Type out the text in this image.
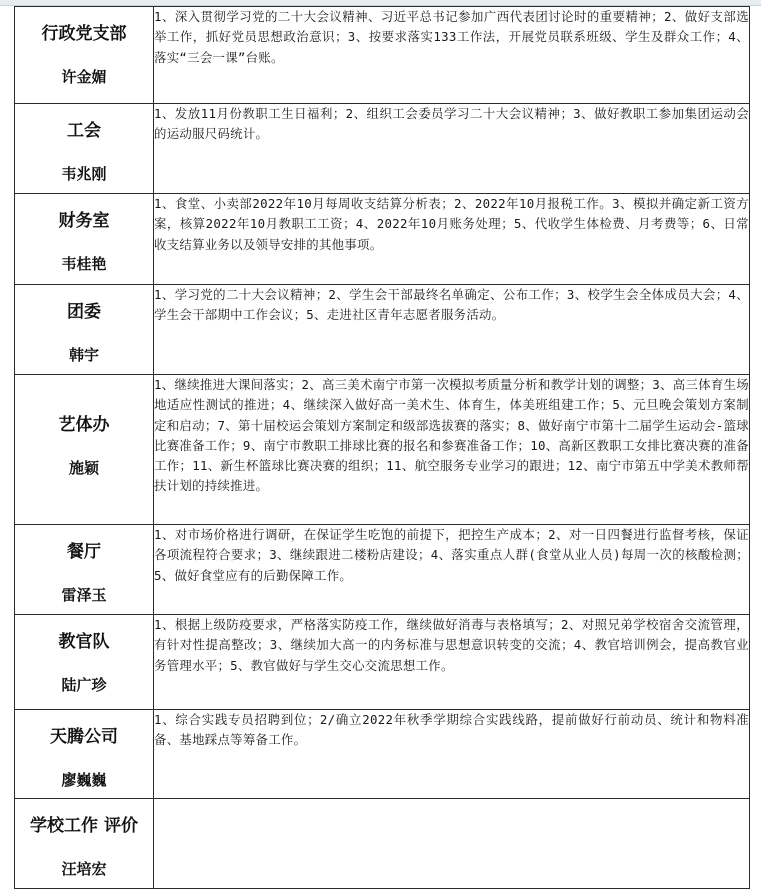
行政党支部
许金媚	1、深入贯彻学习党的二十大会议精神、习近平总书记参加广西代表团讨论时的重要精神；2、做好支部选举工作，抓好党员思想政治意识；3、按要求落实133工作法，开展党员联系班级、学生及群众工作；4、落实“三会一课”台账。

工会
韦兆刚	1、发放11月份教职工生日福利；2、组织工会委员学习二十大会议精神；3、做好教职工参加集团运动会的运动服尺码统计。

财务室
韦桂艳	1、食堂、小卖部2022年10月每周收支结算分析表；2、2022年10月报税工作。3、模拟并确定新工资方案，核算2022年10月教职工工资；4、2022年10月账务处理；5、代收学生体检费、月考费等；6、日常收支结算业务以及领导安排的其他事项。

团委
韩宇	1、学习党的二十大会议精神；2、学生会干部最终名单确定、公布工作；3、校学生会全体成员大会；4、学生会干部期中工作会议；5、走进社区青年志愿者服务活动。

艺体办
施颖	1、继续推进大课间落实；2、高三美术南宁市第一次模拟考质量分析和教学计划的调整；3、高三体育生场地适应性测试的推进；4、继续深入做好高一美术生、体育生，体美班组建工作；5、元旦晚会策划方案制定和启动；7、第十届校运会策划方案制定和级部选拔赛的落实；8、做好南宁市第十二届学生运动会-篮球比赛准备工作；9、南宁市教职工排球比赛的报名和参赛准备工作；10、高新区教职工女排比赛决赛的准备工作；11、新生杯篮球比赛决赛的组织；11、航空服务专业学习的跟进；12、南宁市第五中学美术教师帮扶计划的持续推进。

餐厅
雷泽玉	1、对市场价格进行调研，在保证学生吃饱的前提下，把控生产成本；2、对一日四餐进行监督考核，保证各项流程符合要求；3、继续跟进二楼粉店建设；4、落实重点人群(食堂从业人员)每周一次的核酸检测；5、做好食堂应有的后勤保障工作。

教官队
陆广珍	1、根据上级防疫要求，严格落实防疫工作，继续做好消毒与表格填写；2、对照兄弟学校宿舍交流管理，有针对性提高整改；3、继续加大高一的内务标准与思想意识转变的交流；4、教官培训例会，提高教官业务管理水平；5、教官做好与学生交心交流思想工作。

天腾公司
廖巍巍	1、综合实践专员招聘到位；2/确立2022年秋季学期综合实践线路，提前做好行前动员、统计和物料准备、基地踩点等筹备工作。

学校工作 评价
汪培宏	
